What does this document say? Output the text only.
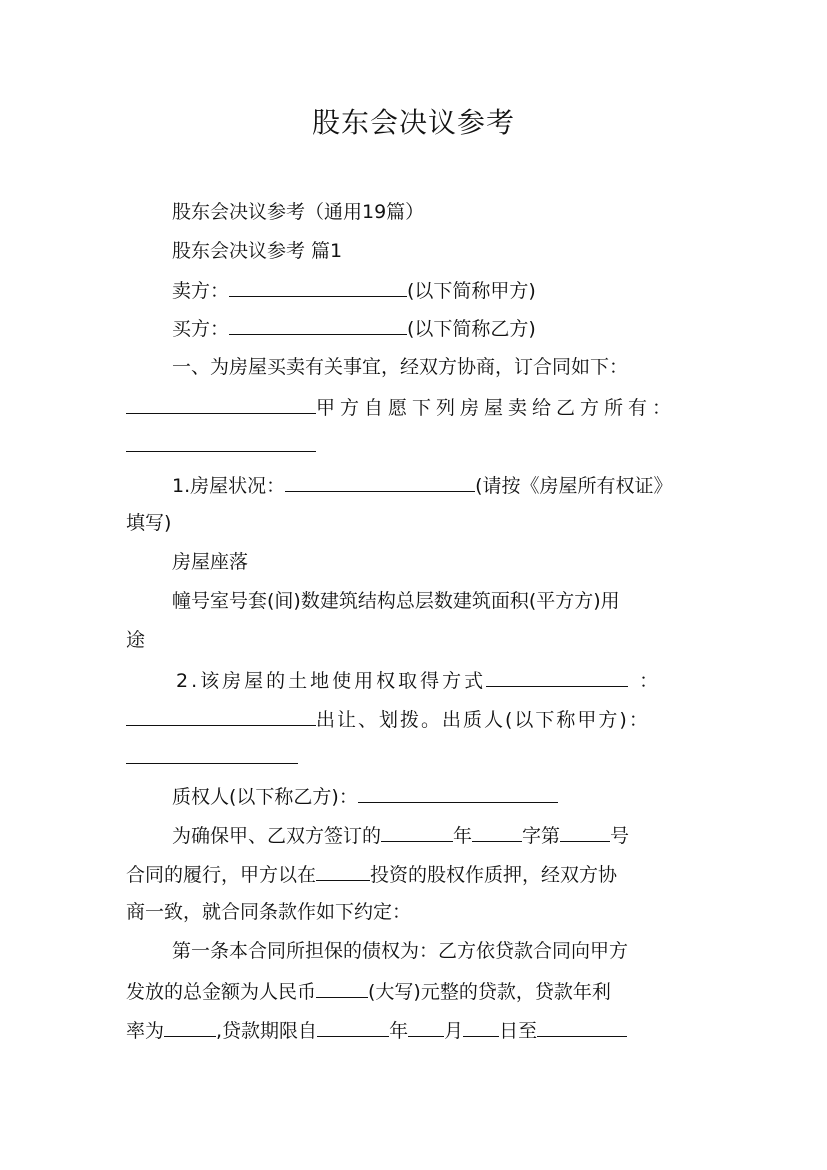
股东会决议参考
股东会决议参考（通用19篇）
股东会决议参考 篇1
卖方：	(以下简称甲方)
买方：	(以下简称乙方)
一、为房屋买卖有关事宜，经双方协商，订合同如下：
甲方自愿下列房屋卖给乙方所有：
1.房屋状况：	(请按《房屋所有权证》
填写)
房屋座落
幢号室号套(间)数建筑结构总层数建筑面积(平方方)用
途
2.该房屋的土地使用权取得方式	：
出让、划拨。出质人(以下称甲方)：
质权人(以下称乙方)：
为确保甲、乙双方签订的	年	字第	号
合同的履行，甲方以在	投资的股权作质押，经双方协
商一致，就合同条款作如下约定：
第一条本合同所担保的债权为：乙方依贷款合同向甲方
发放的总金额为人民币	(大写)元整的贷款，贷款年利
率为	,贷款期限自	年 月 日至
